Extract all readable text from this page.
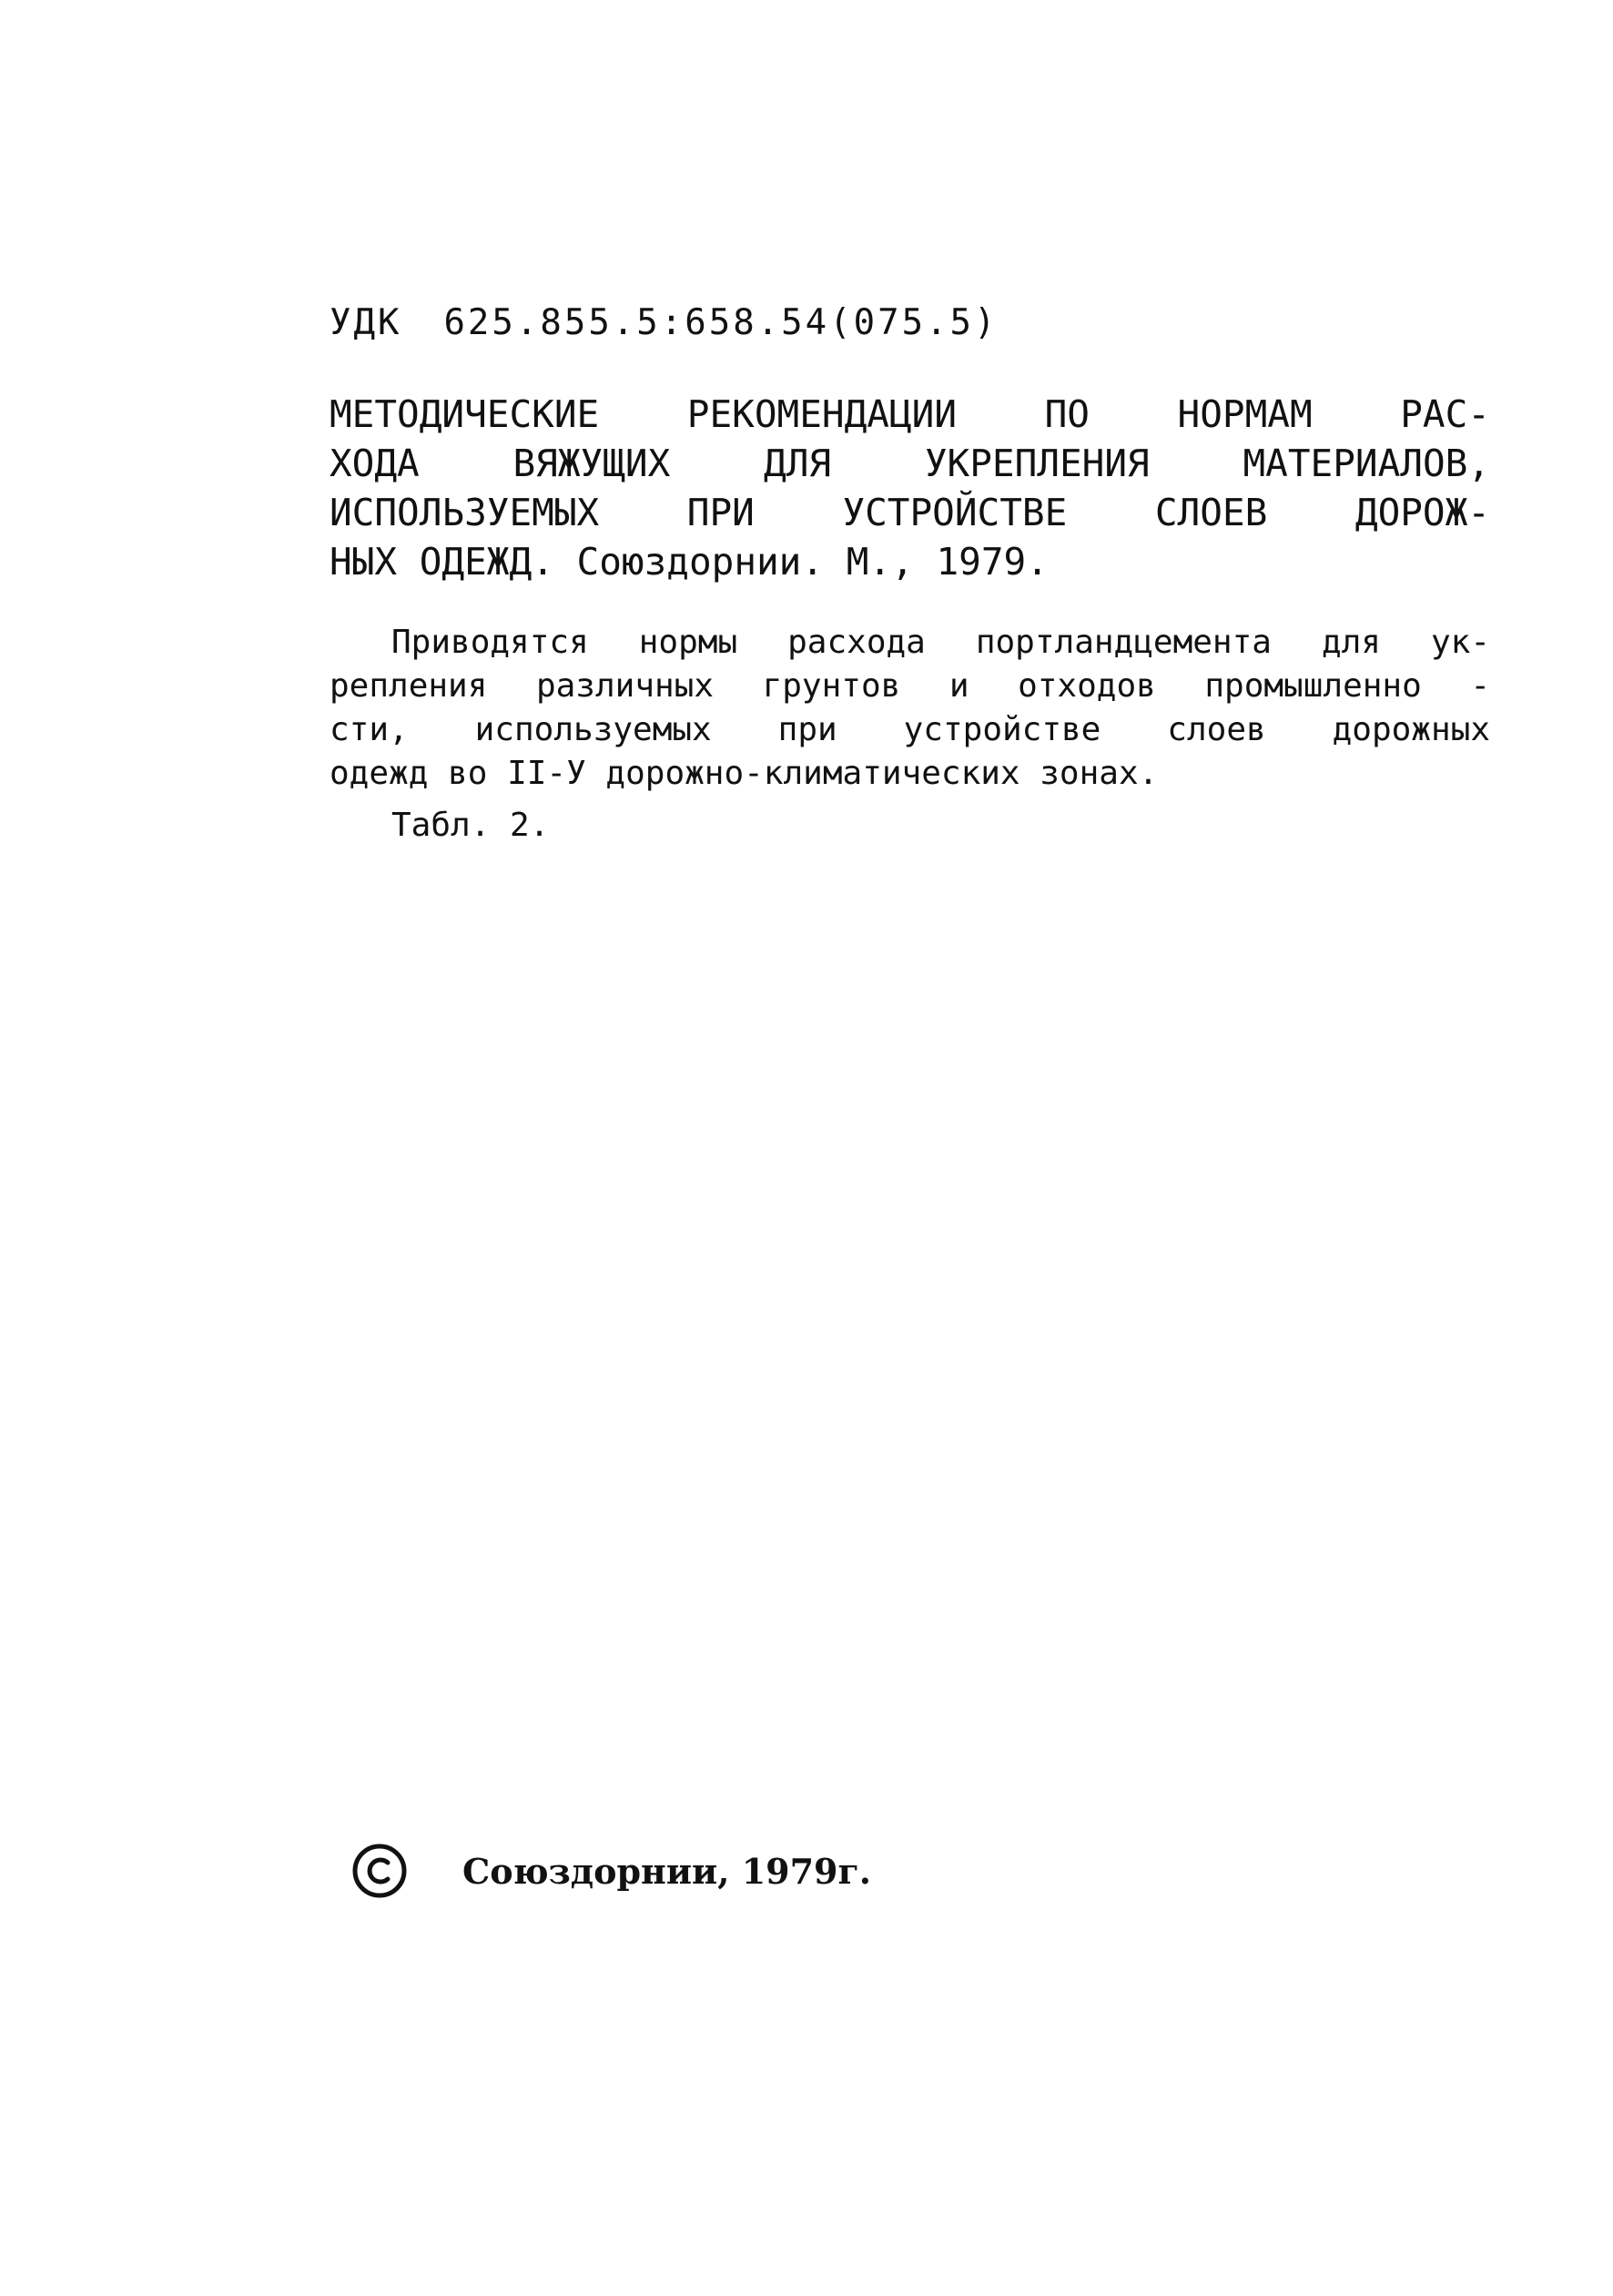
УДК 625.855.5:658.54(075.5)
МЕТОДИЧЕСКИЕ РЕКОМЕНДАЦИИ ПО НОРМАМ РАС-
ХОДА ВЯЖУЩИХ ДЛЯ УКРЕПЛЕНИЯ МАТЕРИАЛОВ,
ИСПОЛЬЗУЕМЫХ ПРИ УСТРОЙСТВЕ СЛОЕВ ДОРОЖ-
НЫХ ОДЕЖД. Союздорнии. М., 1979.
Приводятся нормы расхода портландцемента для ук-
репления различных грунтов и отходов промышленно -
сти, используемых при устройстве слоев дорожных
одежд во II-У дорожно-климатических зонах.
Табл. 2.
Союздорнии, 1979г.
